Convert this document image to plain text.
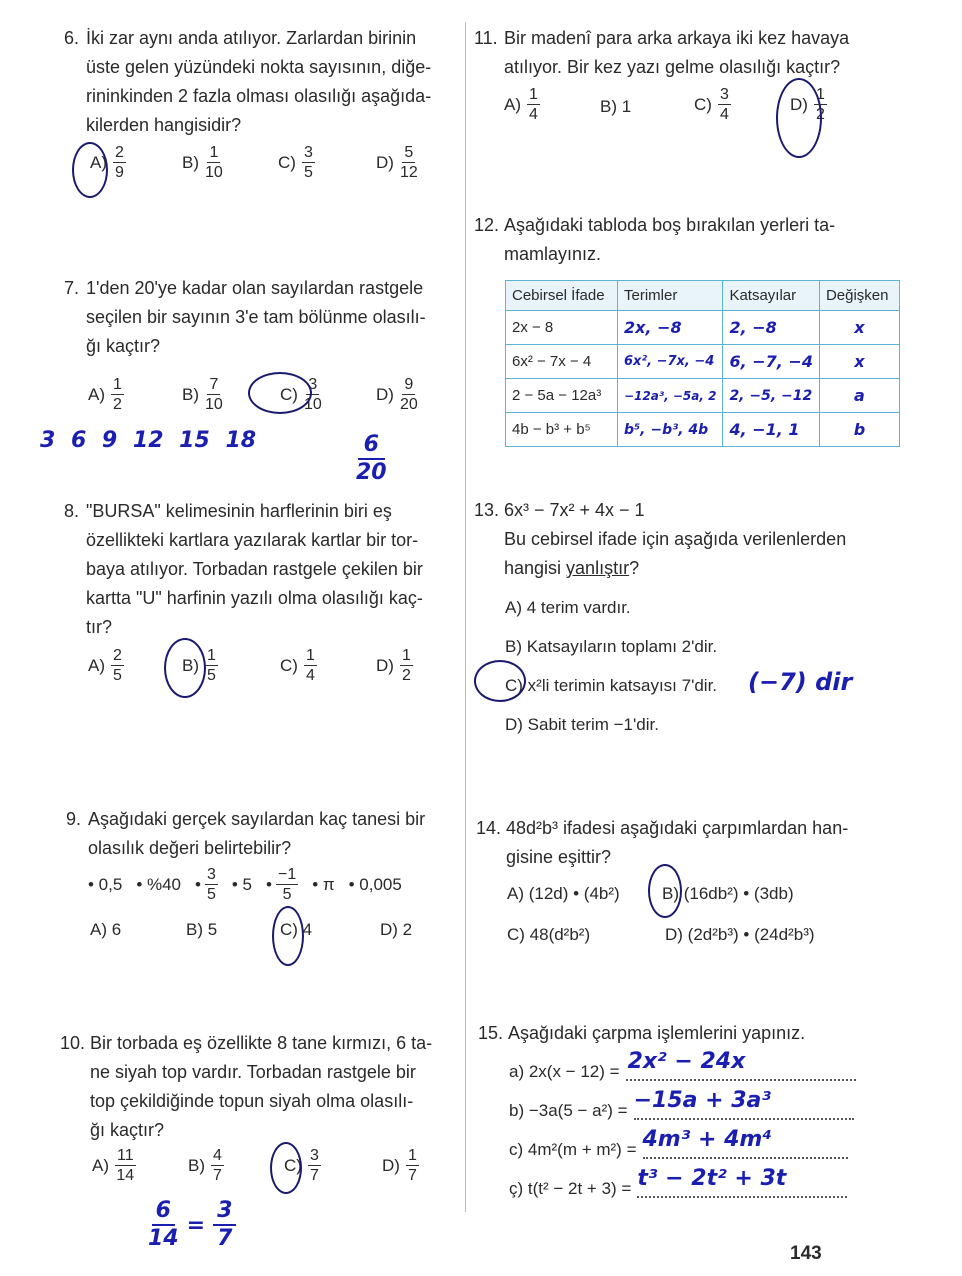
6. İki zar aynı anda atılıyor. Zarlardan birinin
üste gelen yüzündeki nokta sayısının, diğe-
rininkinden 2 fazla olması olasılığı aşağıda-
kilerden hangisidir?
$A) \frac{2}{9}$	$B) \frac{1}{10}$	$C) \frac{3}{5}$	$D) \frac{5}{12}$
7. 1'den 20'ye kadar olan sayılardan rastgele
seçilen bir sayının 3'e tam bölünme olasılı-
ğı kaçtır?
$A) \frac{1}{2}$	$B) \frac{7}{10}$	$C) \frac{3}{10}$	$D) \frac{9}{20}$
3 6 9 12 15 18	$\frac{6}{20}$
8. "BURSA" kelimesinin harflerinin biri eş
özellikteki kartlara yazılarak kartlar bir tor-
baya atılıyor. Torbadan rastgele çekilen bir
kartta "U" harfinin yazılı olma olasılığı kaç-
tır?
$A) \frac{2}{5}$	$B) \frac{1}{5}$	$C) \frac{1}{4}$	$D) \frac{1}{2}$
9. Aşağıdaki gerçek sayılardan kaç tanesi bir
olasılık değeri belirtebilir?
• 0,5 • %40 • $\frac{3}{5}$ • 5 • $\frac{-1}{5}$ • π • 0,005
A) 6	B) 5	C) 4	D) 2
10. Bir torbada eş özellikte 8 tane kırmızı, 6 ta-
ne siyah top vardır. Torbadan rastgele bir
top çekildiğinde topun siyah olma olasılı-
ğı kaçtır?
$A) \frac{11}{14}$	$B) \frac{4}{7}$	$C) \frac{3}{7}$	$D) \frac{1}{7}$
$\frac{6}{14} = \frac{3}{7}$
11. Bir madenî para arka arkaya iki kez havaya
atılıyor. Bir kez yazı gelme olasılığı kaçtır?
$A) \frac{1}{4}$	B) 1	$C) \frac{3}{4}$	$D) \frac{1}{2}$
12. Aşağıdaki tabloda boş bırakılan yerleri ta-
mamlayınız.
Cebirsel İfade	Terimler	Katsayılar	Değişken
2x − 8	2x, −8	2, −8	x
6x² − 7x − 4	6x², −7x, −4	6, −7, −4	x
2 − 5a − 12a³	−12a³, −5a, 2	2, −5, −12	a
4b − b³ + b⁵	b⁵, −b³, 4b	4, −1, 1	b
13. 6x³ − 7x² + 4x − 1
Bu cebirsel ifade için aşağıda verilenlerden
hangisi yanlıştır?
A) 4 terim vardır.
B) Katsayıların toplamı 2'dir.
C) x²li terimin katsayısı 7'dir.
D) Sabit terim −1'dir.
(−7) dir
14. 48d²b³ ifadesi aşağıdaki çarpımlardan han-
gisine eşittir?
A) (12d) • (4b²) B) (16db²) • (3db)
C) 48(d²b²)	D) (2d²b³) • (24d²b³)
15. Aşağıdaki çarpma işlemlerini yapınız.
a) 2x(x − 12) = 2x² − 24x
b) −3a(5 − a²) = −15a + 3a³
c) 4m²(m + m²) = 4m³ + 4m⁴
ç) t(t² − 2t + 3) = t³ − 2t² + 3t
143
